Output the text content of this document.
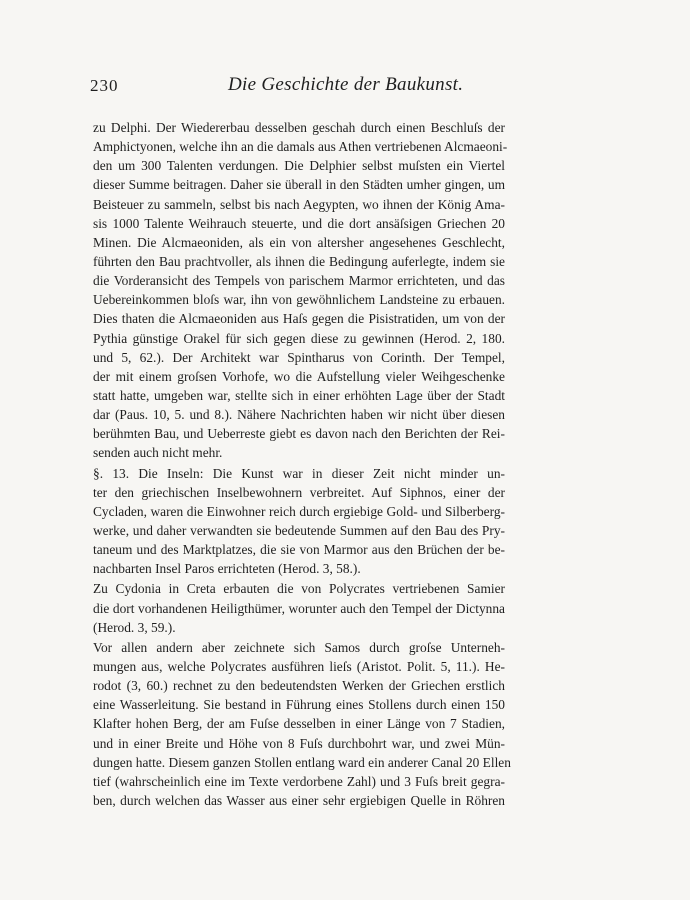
230	Die Geschichte der Baukunst.
zu Delphi. Der Wiedererbau desselben geschah durch einen Beschluſs der
Amphictyonen, welche ihn an die damals aus Athen vertriebenen Alcmaeoni-
den um 300 Talenten verdungen. Die Delphier selbst muſsten ein Viertel
dieser Summe beitragen. Daher sie überall in den Städten umher gingen, um
Beisteuer zu sammeln, selbst bis nach Aegypten, wo ihnen der König Ama-
sis 1000 Talente Weihrauch steuerte, und die dort ansäſsigen Griechen 20
Minen. Die Alcmaeoniden, als ein von altersher angesehenes Geschlecht,
führten den Bau prachtvoller, als ihnen die Bedingung auferlegte, indem sie
die Vorderansicht des Tempels von parischem Marmor errichteten, und das
Uebereinkommen bloſs war, ihn von gewöhnlichem Landsteine zu erbauen.
Dies thaten die Alcmaeoniden aus Haſs gegen die Pisistratiden, um von der
Pythia günstige Orakel für sich gegen diese zu gewinnen (Herod. 2, 180.
und 5, 62.). Der Architekt war Spintharus von Corinth. Der Tempel,
der mit einem groſsen Vorhofe, wo die Aufstellung vieler Weihgeschenke
statt hatte, umgeben war, stellte sich in einer erhöhten Lage über der Stadt
dar (Paus. 10, 5. und 8.). Nähere Nachrichten haben wir nicht über diesen
berühmten Bau, und Ueberreste giebt es davon nach den Berichten der Rei-
senden auch nicht mehr.
§. 13. Die Inseln: Die Kunst war in dieser Zeit nicht minder un-
ter den griechischen Inselbewohnern verbreitet. Auf Siphnos, einer der
Cycladen, waren die Einwohner reich durch ergiebige Gold- und Silberberg-
werke, und daher verwandten sie bedeutende Summen auf den Bau des Pry-
taneum und des Marktplatzes, die sie von Marmor aus den Brüchen der be-
nachbarten Insel Paros errichteten (Herod. 3, 58.).
Zu Cydonia in Creta erbauten die von Polycrates vertriebenen Samier
die dort vorhandenen Heiligthümer, worunter auch den Tempel der Dictynna
(Herod. 3, 59.).
Vor allen andern aber zeichnete sich Samos durch groſse Unterneh-
mungen aus, welche Polycrates ausführen lieſs (Aristot. Polit. 5, 11.). He-
rodot (3, 60.) rechnet zu den bedeutendsten Werken der Griechen erstlich
eine Wasserleitung. Sie bestand in Führung eines Stollens durch einen 150
Klafter hohen Berg, der am Fuſse desselben in einer Länge von 7 Stadien,
und in einer Breite und Höhe von 8 Fuſs durchbohrt war, und zwei Mün-
dungen hatte. Diesem ganzen Stollen entlang ward ein anderer Canal 20 Ellen
tief (wahrscheinlich eine im Texte verdorbene Zahl) und 3 Fuſs breit gegra-
ben, durch welchen das Wasser aus einer sehr ergiebigen Quelle in Röhren
